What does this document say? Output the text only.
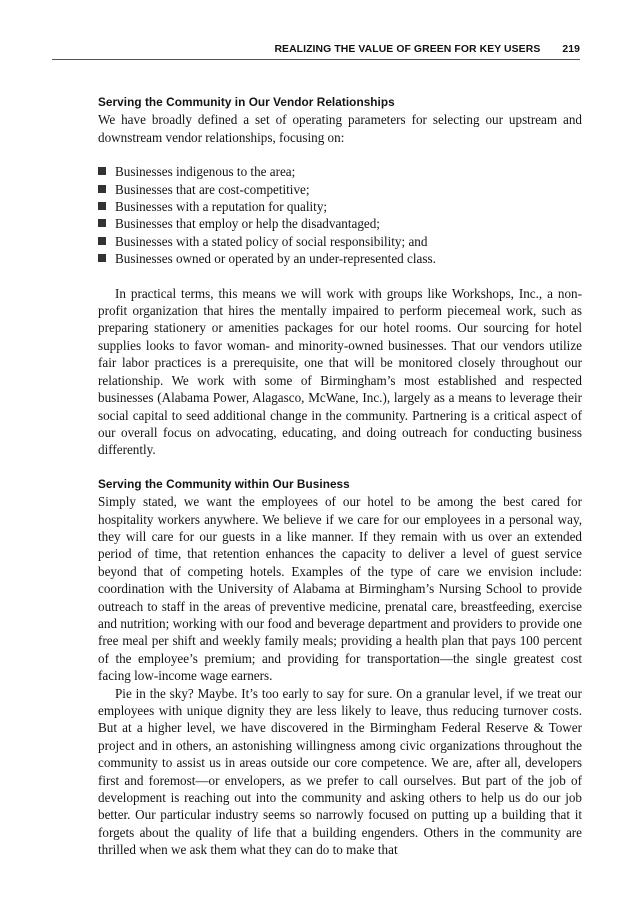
REALIZING THE VALUE OF GREEN FOR KEY USERS 219
Serving the Community in Our Vendor Relationships

We have broadly defined a set of operating parameters for selecting our upstream and downstream vendor relationships, focusing on:

Businesses indigenous to the area;
Businesses that are cost-competitive;
Businesses with a reputation for quality;
Businesses that employ or help the disadvantaged;
Businesses with a stated policy of social responsibility; and
Businesses owned or operated by an under-represented class.

In practical terms, this means we will work with groups like Workshops, Inc., a non-profit organization that hires the mentally impaired to perform piecemeal work, such as preparing stationery or amenities packages for our hotel rooms. Our sourcing for hotel supplies looks to favor woman- and minority-owned businesses. That our vendors utilize fair labor practices is a prerequisite, one that will be monitored closely throughout our relationship. We work with some of Birmingham’s most established and respected businesses (Alabama Power, Alagasco, McWane, Inc.), largely as a means to leverage their social capital to seed additional change in the community. Partnering is a critical aspect of our overall focus on advocating, educating, and doing outreach for conducting business differently.

Serving the Community within Our Business

Simply stated, we want the employees of our hotel to be among the best cared for hospitality workers anywhere. We believe if we care for our employees in a personal way, they will care for our guests in a like manner. If they remain with us over an extended period of time, that retention enhances the capacity to deliver a level of guest service beyond that of competing hotels. Examples of the type of care we envision include: coordination with the University of Alabama at Birmingham’s Nursing School to provide outreach to staff in the areas of preventive medicine, prenatal care, breastfeeding, exercise and nutrition; working with our food and beverage department and providers to provide one free meal per shift and weekly family meals; providing a health plan that pays 100 percent of the employee’s premium; and providing for transportation—the single greatest cost facing low-income wage earners.

Pie in the sky? Maybe. It’s too early to say for sure. On a granular level, if we treat our employees with unique dignity they are less likely to leave, thus reducing turnover costs. But at a higher level, we have discovered in the Birmingham Federal Reserve & Tower project and in others, an astonishing willingness among civic organizations throughout the community to assist us in areas outside our core competence. We are, after all, developers first and foremost—or envelopers, as we prefer to call ourselves. But part of the job of development is reaching out into the community and asking others to help us do our job better. Our particular industry seems so narrowly focused on putting up a building that it forgets about the quality of life that a building engenders. Others in the community are thrilled when we ask them what they can do to make that
